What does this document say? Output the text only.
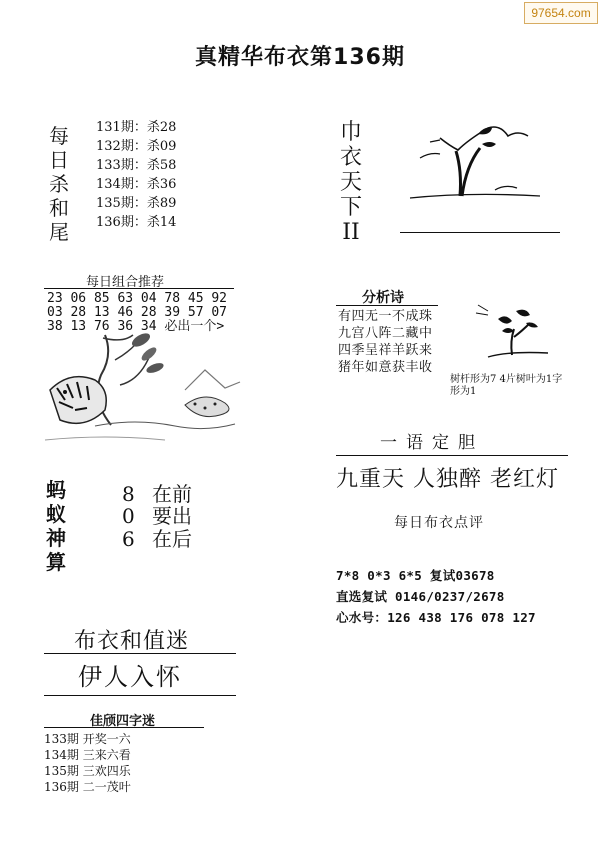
97654.com
真精华布衣第136期
每
日
杀
和
尾
131期：杀28
132期：杀09
133期：杀58
134期：杀36
135期：杀89
136期：杀14
每日组合推荐
23 06 85 63 04 78 45 92
03 28 13 46 28 39 57 07
38 13 76 36 34 必出一个>
蚂
蚁
神
算
8 在前
0 要出
6 在后
布衣和值迷
伊人入怀
佳颀四字迷
133期 开奖一六
134期 三来六看
135期 三欢四乐
136期 二一茂叶
巾
衣
天
下
II
分析诗
有四无一不成珠
九宫八阵二藏中
四季呈祥羊跃来
猪年如意获丰收
树杆形为7 4片树叶为1字形为1
一语定胆
九重天 人独醉 老红灯
每日布衣点评
7*8 0*3 6*5 复试03678
直选复试 0146/0237/2678
心水号：126 438 176 078 127
